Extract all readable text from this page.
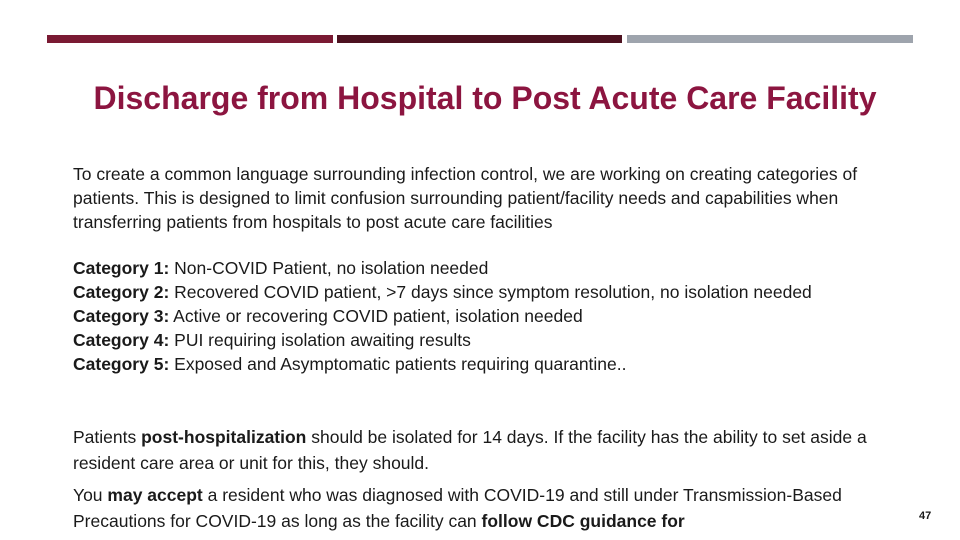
Discharge from Hospital to Post Acute Care Facility

To create a common language surrounding infection control, we are working on creating categories of patients. This is designed to limit confusion surrounding patient/facility needs and capabilities when transferring patients from hospitals to post acute care facilities

Category 1: Non-COVID Patient, no isolation needed
Category 2: Recovered COVID patient, >7 days since symptom resolution, no isolation needed
Category 3: Active or recovering COVID patient, isolation needed
Category 4: PUI requiring isolation awaiting results
Category 5: Exposed and Asymptomatic patients requiring quarantine..

Patients post-hospitalization should be isolated for 14 days. If the facility has the ability to set aside a resident care area or unit for this, they should.

You may accept a resident who was diagnosed with COVID-19 and still under Transmission-Based Precautions for COVID-19 as long as the facility can follow CDC guidance for	47
